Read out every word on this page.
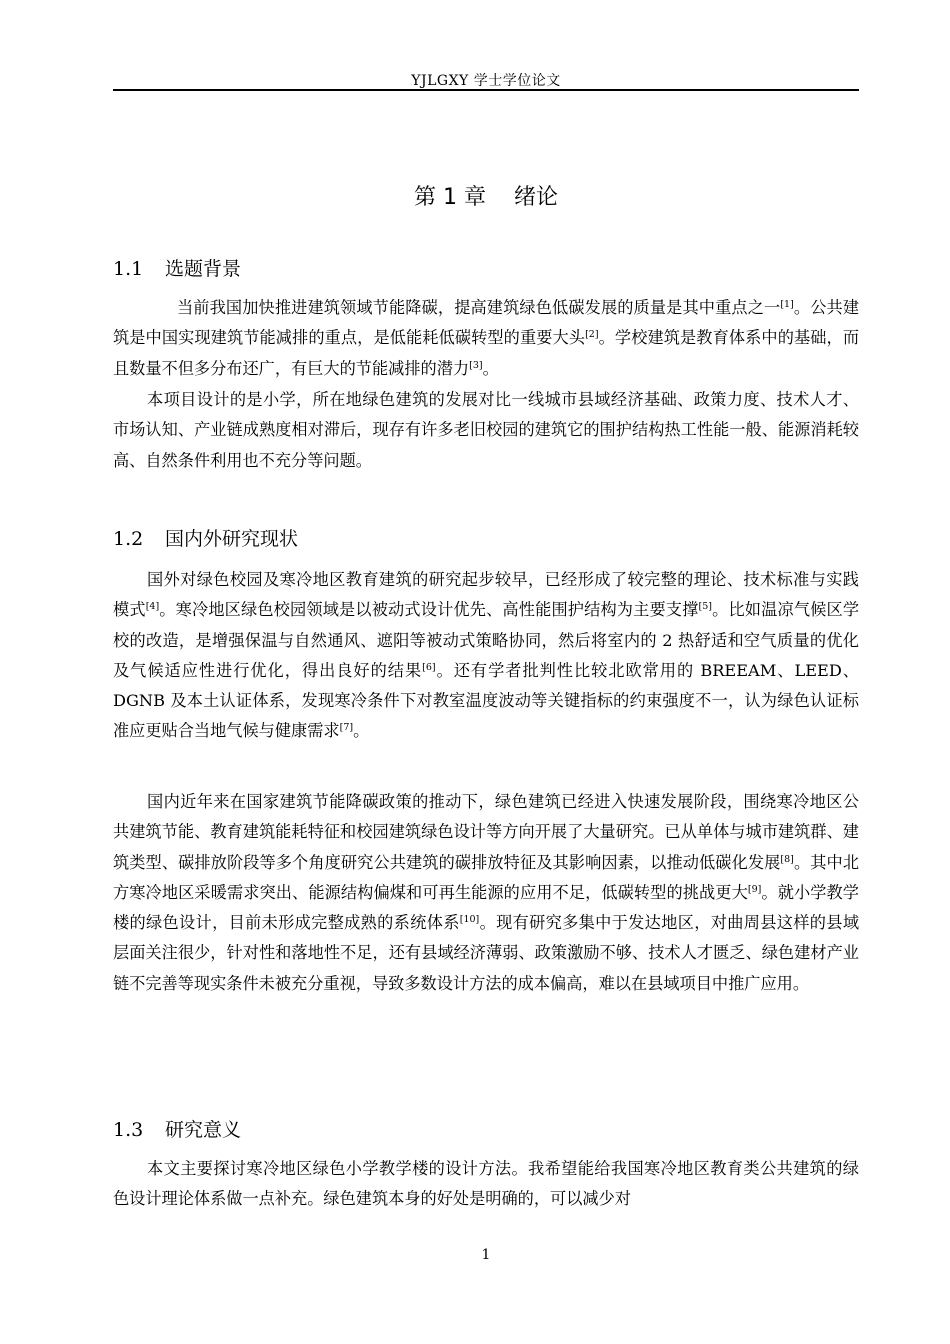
YJLGXY 学士学位论文
第 1 章 绪论
1.1 选题背景

当前我国加快推进建筑领域节能降碳，提高建筑绿色低碳发展的质量是其中重点之一[1]。公共建筑是中国实现建筑节能减排的重点，是低能耗低碳转型的重要大头[2]。学校建筑是教育体系中的基础，而且数量不但多分布还广，有巨大的节能减排的潜力[3]。

本项目设计的是小学，所在地绿色建筑的发展对比一线城市县域经济基础、政策力度、技术人才、市场认知、产业链成熟度相对滞后，现存有许多老旧校园的建筑它的围护结构热工性能一般、能源消耗较高、自然条件利用也不充分等问题。

1.2 国内外研究现状

国外对绿色校园及寒冷地区教育建筑的研究起步较早，已经形成了较完整的理论、技术标准与实践模式[4]。寒冷地区绿色校园领域是以被动式设计优先、高性能围护结构为主要支撑[5]。比如温凉气候区学校的改造，是增强保温与自然通风、遮阳等被动式策略协同，然后将室内的 2 热舒适和空气质量的优化及气候适应性进行优化，得出良好的结果[6]。还有学者批判性比较北欧常用的 BREEAM、LEED、DGNB 及本土认证体系，发现寒冷条件下对教室温度波动等关键指标的约束强度不一，认为绿色认证标准应更贴合当地气候与健康需求[7]。

国内近年来在国家建筑节能降碳政策的推动下，绿色建筑已经进入快速发展阶段，围绕寒冷地区公共建筑节能、教育建筑能耗特征和校园建筑绿色设计等方向开展了大量研究。已从单体与城市建筑群、建筑类型、碳排放阶段等多个角度研究公共建筑的碳排放特征及其影响因素，以推动低碳化发展[8]。其中北方寒冷地区采暖需求突出、能源结构偏煤和可再生能源的应用不足，低碳转型的挑战更大[9]。就小学教学楼的绿色设计，目前未形成完整成熟的系统体系[10]。现有研究多集中于发达地区，对曲周县这样的县域层面关注很少，针对性和落地性不足，还有县域经济薄弱、政策激励不够、技术人才匮乏、绿色建材产业链不完善等现实条件未被充分重视，导致多数设计方法的成本偏高，难以在县域项目中推广应用。

1.3 研究意义

本文主要探讨寒冷地区绿色小学教学楼的设计方法。我希望能给我国寒冷地区教育类公共建筑的绿色设计理论体系做一点补充。绿色建筑本身的好处是明确的，可以减少对

1
